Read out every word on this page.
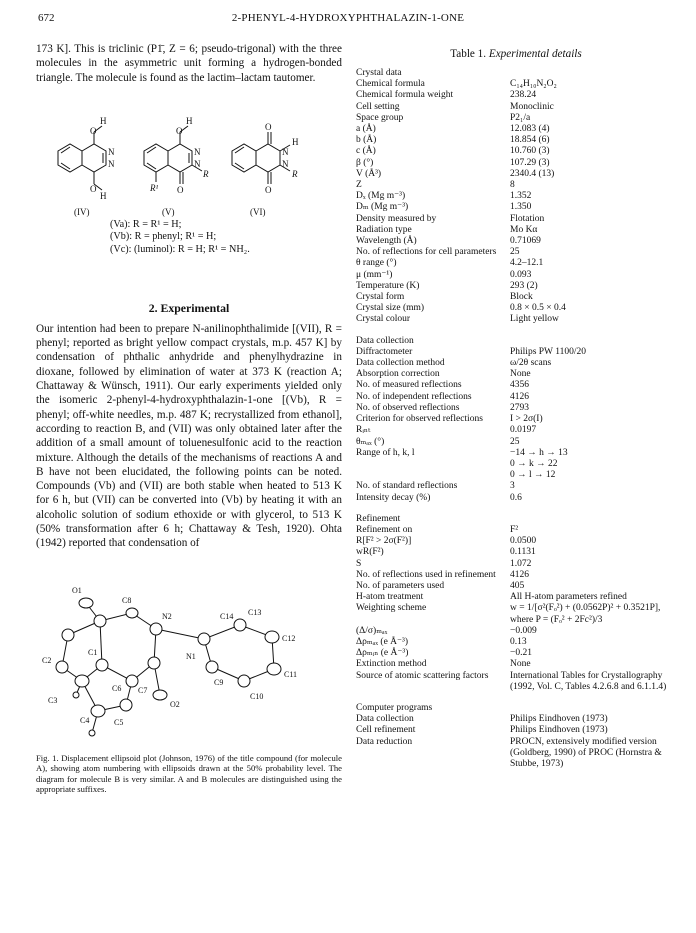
672	2-PHENYL-4-HYDROXYPHTHALAZIN-1-ONE

173 K]. This is triclinic (P1̄, Z = 6; pseudo-trigonal) with the three molecules in the asymmetric unit forming a hydrogen-bonded triangle. The molecule is found as the lactim–lactam tautomer.

O
H
N
N
O
H
(IV)
O
H
N
N
R
O
R¹
(V)
O
N
H
N
R
O
(VI)
(Va): R = R¹ = H;
(Vb): R = phenyl; R¹ = H;
(Vc): (luminol): R = H; R¹ = NH₂.
2. Experimental

Our intention had been to prepare N-anilinophthalimide [(VII), R = phenyl; reported as bright yellow compact crystals, m.p. 457 K] by condensation of phthalic anhydride and phenylhydrazine in dioxane, followed by elimination of water at 373 K (reaction A; Chattaway & Wünsch, 1911). Our early experiments yielded only the isomeric 2-phenyl-4-hydroxyphthalazin-1-one [(Vb), R = phenyl; off-white needles, m.p. 487 K; recrystallized from ethanol], according to reaction B, and (VII) was only obtained later after the addition of a small amount of toluenesulfonic acid to the reaction mixture. Although the details of the mechanisms of reactions A and B have not been elucidated, the following points can be noted. Compounds (Vb) and (VII) are both stable when heated to 513 K for 6 h, but (VII) can be converted into (Vb) by heating it with an alcoholic solution of sodium ethoxide or with glycerol, to 513 K (50% transformation after 6 h; Chattaway & Tesh, 1920). Ohta (1942) reported that condensation of

O1
C8
N2	C14 C13
C12
C2
C1	N1
C9
C11
C10
C6 C7
O2
C3
C4	C5

Fig. 1. Displacement ellipsoid plot (Johnson, 1976) of the title compound (for molecule A), showing atom numbering with ellipsoids drawn at the 50% probability level. The diagram for molecule B is very similar. A and B molecules are distinguished using the appropriate suffixes.

Table 1. Experimental details
Crystal data
Chemical formula	C₁₄H₁₀N₂O₂
Chemical formula weight	238.24
Cell setting	Monoclinic
Space group	P2₁/a
a (Å)	12.083 (4)
b (Å)	18.854 (6)
c (Å)	10.760 (3)
β (°)	107.29 (3)
V (Å³)	2340.4 (13)
Z	8
Dₓ (Mg m⁻³)	1.352
Dₘ (Mg m⁻³)	1.350
Density measured by	Flotation
Radiation type	Mo Kα
Wavelength (Å)	0.71069
No. of reflections for cell parameters	25
θ range (°)	4.2–12.1
μ (mm⁻¹)	0.093
Temperature (K)	293 (2)
Crystal form	Block
Crystal size (mm)	0.8 × 0.5 × 0.4
Crystal colour	Light yellow
Data collection
Diffractometer	Philips PW 1100/20
Data collection method	ω/2θ scans
Absorption correction	None
No. of measured reflections	4356
No. of independent reflections	4126
No. of observed reflections	2793
Criterion for observed reflections	I > 2σ(I)
Rᵢₙₜ	0.0197
θₘₐₓ (°)	25
Range of h, k, l	−14 → h → 13
0 → k → 22
0 → l → 12
No. of standard reflections	3
Intensity decay (%)	0.6
Refinement
Refinement on	F²
R[F² > 2σ(F²)]	0.0500
wR(F²)	0.1131
S	1.072
No. of reflections used in refinement	4126
No. of parameters used	405
H-atom treatment	All H-atom parameters refined
Weighting scheme	w = 1/[σ²(Fₒ²) + (0.0562P)² + 0.3521P], where P = (Fₒ² + 2Fc²)/3
(Δ/σ)ₘₐₓ	−0.009
Δρₘₐₓ (e Å⁻³)	0.13
Δρₘᵢₙ (e Å⁻³)	−0.21
Extinction method	None
Source of atomic scattering factors	International Tables for Crystallography (1992, Vol. C, Tables 4.2.6.8 and 6.1.1.4)
Computer programs
Data collection	Philips Eindhoven (1973)
Cell refinement	Philips Eindhoven (1973)
Data reduction	PROCN, extensively modified version (Goldberg, 1990) of PROC (Hornstra & Stubbe, 1973)
